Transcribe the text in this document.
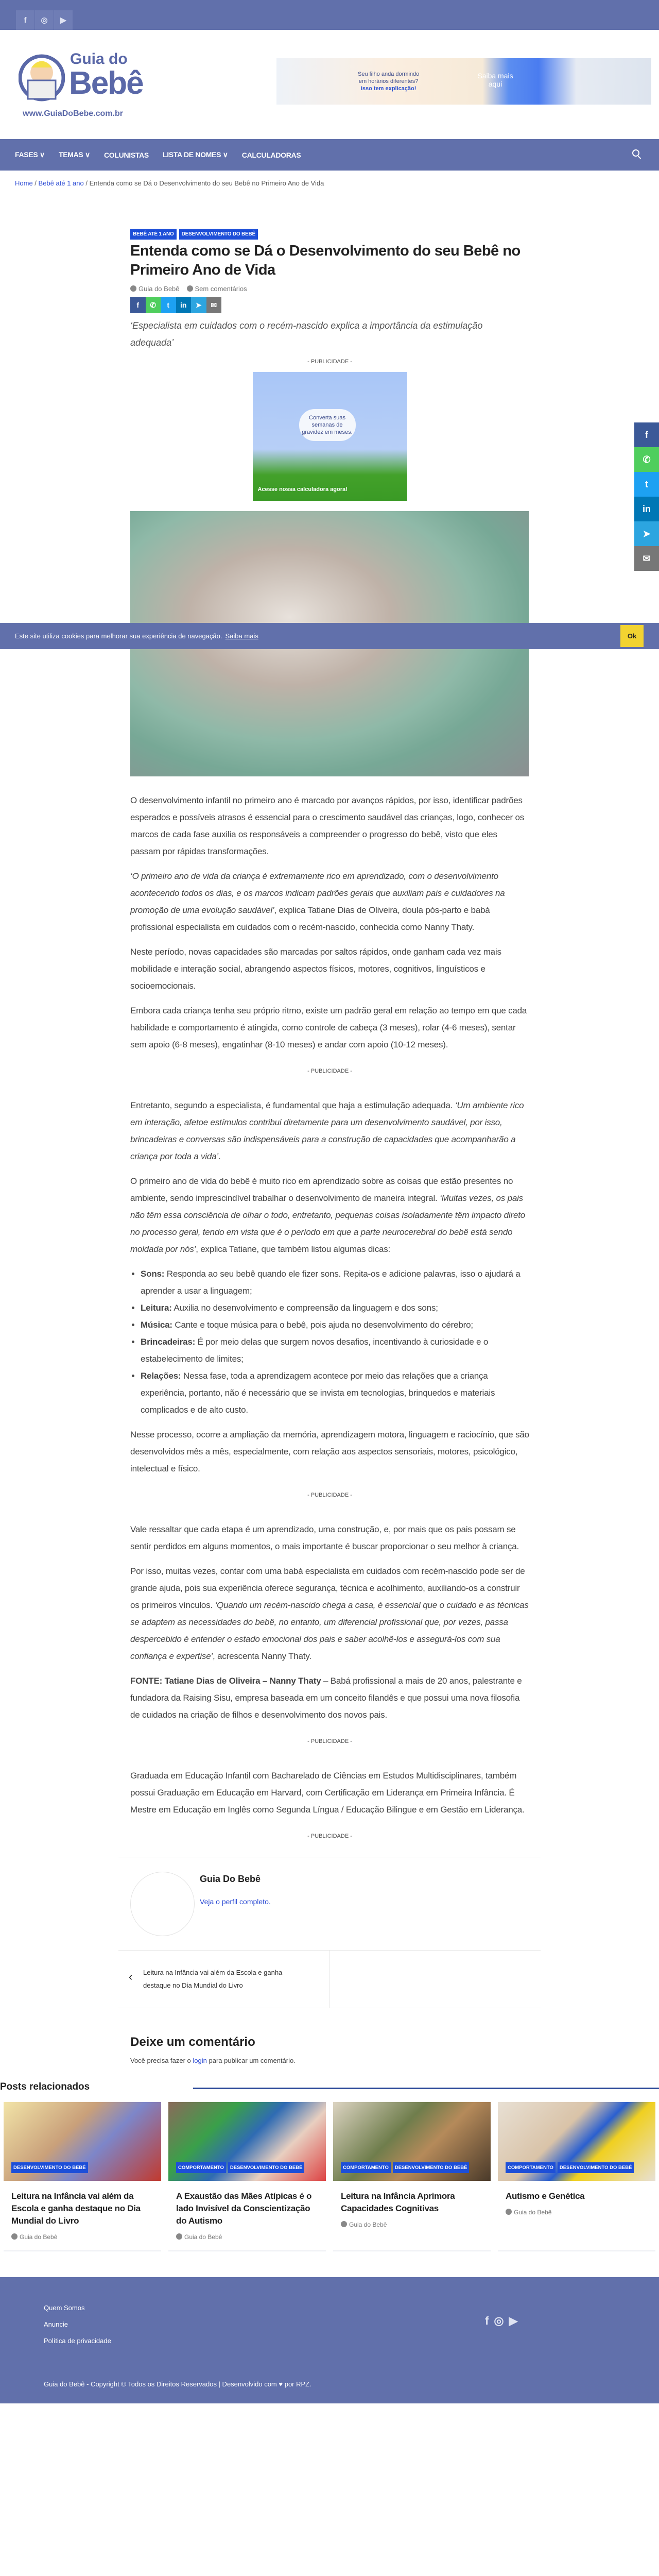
f	◎	▶
Guia do
Bebê
www.GuiaDoBebe.com.br
Seu filho anda dormindo
em horários diferentes?
Isso tem explicação!
Saiba mais aqui
FASES ∨ TEMAS ∨ COLUNISTAS LISTA DE NOMES ∨ CALCULADORAS
Home / Bebê até 1 ano / Entenda como se Dá o Desenvolvimento do seu Bebê no Primeiro Ano de Vida
BEBÊ ATÉ 1 ANO	DESENVOLVIMENTO DO BEBÊ
Entenda como se Dá o Desenvolvimento do seu Bebê no Primeiro Ano de Vida
Guia do Bebê	Sem comentários
f	✆	t	in	➤	✉
‘Especialista em cuidados com o recém-nascido explica a importância da estimulação adequada’
- PUBLICIDADE -
Converta suas semanas de gravidez em meses.
Acesse nossa calculadora agora!

O desenvolvimento infantil no primeiro ano é marcado por avanços rápidos, por isso, identificar padrões esperados e possíveis atrasos é essencial para o crescimento saudável das crianças, logo, conhecer os marcos de cada fase auxilia os responsáveis a compreender o progresso do bebê, visto que eles passam por rápidas transformações.

‘O primeiro ano de vida da criança é extremamente rico em aprendizado, com o desenvolvimento acontecendo todos os dias, e os marcos indicam padrões gerais que auxiliam pais e cuidadores na promoção de uma evolução saudável’, explica Tatiane Dias de Oliveira, doula pós-parto e babá profissional especialista em cuidados com o recém-nascido, conhecida como Nanny Thaty.

Neste período, novas capacidades são marcadas por saltos rápidos, onde ganham cada vez mais mobilidade e interação social, abrangendo aspectos físicos, motores, cognitivos, linguísticos e socioemocionais.

Embora cada criança tenha seu próprio ritmo, existe um padrão geral em relação ao tempo em que cada habilidade e comportamento é atingida, como controle de cabeça (3 meses), rolar (4-6 meses), sentar sem apoio (6-8 meses), engatinhar (8-10 meses) e andar com apoio (10-12 meses).

- PUBLICIDADE -

Entretanto, segundo a especialista, é fundamental que haja a estimulação adequada. ‘Um ambiente rico em interação, afetoe estímulos contribui diretamente para um desenvolvimento saudável, por isso, brincadeiras e conversas são indispensáveis para a construção de capacidades que acompanharão a criança por toda a vida’.

O primeiro ano de vida do bebê é muito rico em aprendizado sobre as coisas que estão presentes no ambiente, sendo imprescindível trabalhar o desenvolvimento de maneira integral. ‘Muitas vezes, os pais não têm essa consciência de olhar o todo, entretanto, pequenas coisas isoladamente têm impacto direto no processo geral, tendo em vista que é o período em que a parte neurocerebral do bebê está sendo moldada por nós’, explica Tatiane, que também listou algumas dicas:

• Sons: Responda ao seu bebê quando ele fizer sons. Repita-os e adicione palavras, isso o ajudará a aprender a usar a linguagem;
• Leitura: Auxilia no desenvolvimento e compreensão da linguagem e dos sons;
• Música: Cante e toque música para o bebê, pois ajuda no desenvolvimento do cérebro;
• Brincadeiras: É por meio delas que surgem novos desafios, incentivando à curiosidade e o estabelecimento de limites;
• Relações: Nessa fase, toda a aprendizagem acontece por meio das relações que a criança experiência, portanto, não é necessário que se invista em tecnologias, brinquedos e materiais complicados e de alto custo.

Nesse processo, ocorre a ampliação da memória, aprendizagem motora, linguagem e raciocínio, que são desenvolvidos mês a mês, especialmente, com relação aos aspectos sensoriais, motores, psicológico, intelectual e físico.

- PUBLICIDADE -

Vale ressaltar que cada etapa é um aprendizado, uma construção, e, por mais que os pais possam se sentir perdidos em alguns momentos, o mais importante é buscar proporcionar o seu melhor à criança.

Por isso, muitas vezes, contar com uma babá especialista em cuidados com recém-nascido pode ser de grande ajuda, pois sua experiência oferece segurança, técnica e acolhimento, auxiliando-os a construir os primeiros vínculos. ‘Quando um recém-nascido chega a casa, é essencial que o cuidado e as técnicas se adaptem as necessidades do bebê, no entanto, um diferencial profissional que, por vezes, passa despercebido é entender o estado emocional dos pais e saber acolhê-los e assegurá-los com sua confiança e expertise’, acrescenta Nanny Thaty.

FONTE: Tatiane Dias de Oliveira – Nanny Thaty – Babá profissional a mais de 20 anos, palestrante e fundadora da Raising Sisu, empresa baseada em um conceito filandês e que possui uma nova filosofia de cuidados na criação de filhos e desenvolvimento dos novos pais.

- PUBLICIDADE -

Graduada em Educação Infantil com Bacharelado de Ciências em Estudos Multidisciplinares, também possui Graduação em Educação em Harvard, com Certificação em Liderança em Primeira Infância. É Mestre em Educação em Inglês como Segunda Língua / Educação Bilingue e em Gestão em Liderança.

- PUBLICIDADE -
f
✆
t
in
➤
✉
Este site utiliza cookies para melhorar sua experiência de navegação. Saiba mais	Ok
Guia Do Bebê
Veja o perfil completo.
‹ Leitura na Infância vai além da Escola e ganha destaque no Dia Mundial do Livro
Deixe um comentário

Você precisa fazer o login para publicar um comentário.

Posts relacionados
DESENVOLVIMENTO DO BEBÊ
Leitura na Infância vai além da Escola e ganha destaque no Dia Mundial do Livro
Guia do Bebê
COMPORTAMENTO	DESENVOLVIMENTO DO BEBÊ
A Exaustão das Mães Atípicas é o lado Invisível da Conscientização do Autismo
Guia do Bebê
COMPORTAMENTO	DESENVOLVIMENTO DO BEBÊ
Leitura na Infância Aprimora Capacidades Cognitivas
Guia do Bebê
COMPORTAMENTO	DESENVOLVIMENTO DO BEBÊ
Autismo e Genética
Guia do Bebê
Quem Somos
Anuncie
Política de privacidade
f ◎ ▶
Guia do Bebê - Copyright © Todos os Direitos Reservados | Desenvolvido com ♥ por RPZ.
